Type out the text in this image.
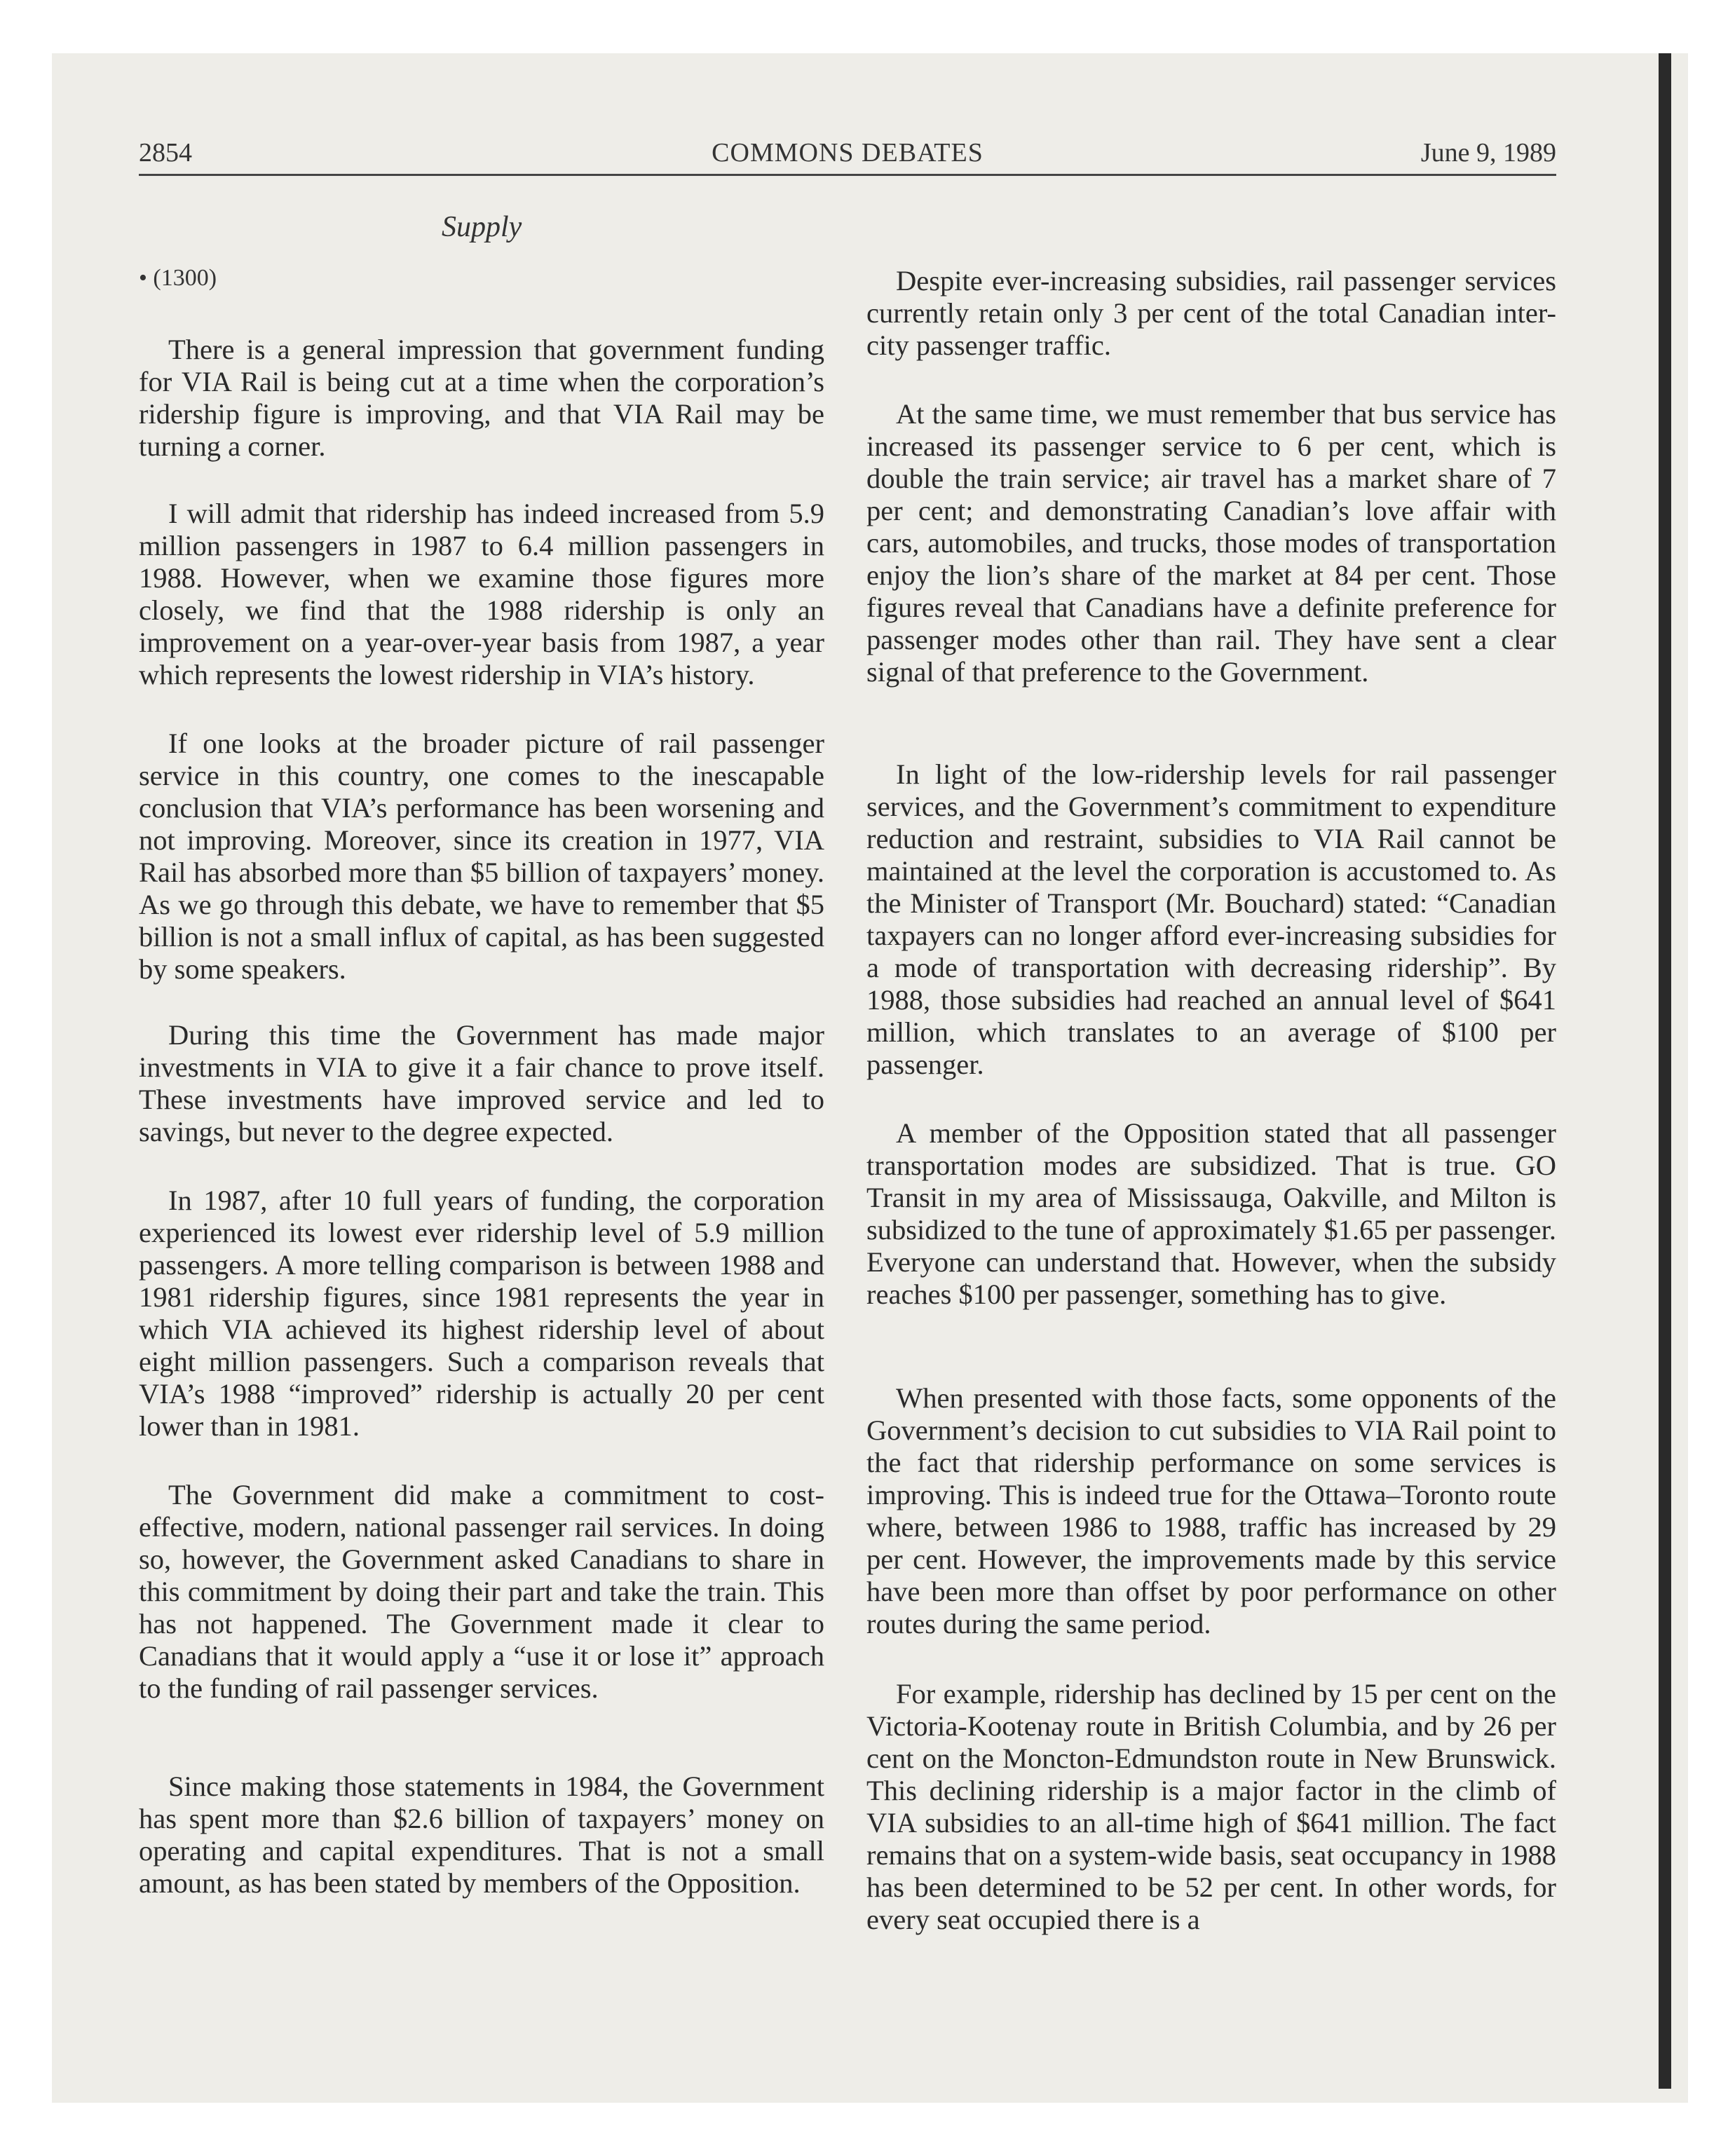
2854	COMMONS DEBATES	June 9, 1989
Supply
• (1300)

There is a general impression that government funding for VIA Rail is being cut at a time when the corporation’s ridership figure is improving, and that VIA Rail may be turning a corner.

I will admit that ridership has indeed increased from 5.9 million passengers in 1987 to 6.4 million passengers in 1988. However, when we examine those figures more closely, we find that the 1988 ridership is only an improvement on a year-over-year basis from 1987, a year which represents the lowest ridership in VIA’s history.

If one looks at the broader picture of rail passenger service in this country, one comes to the inescapable conclusion that VIA’s performance has been worsening and not improving. Moreover, since its creation in 1977, VIA Rail has absorbed more than $5 billion of taxpayers’ money. As we go through this debate, we have to remember that $5 billion is not a small influx of capital, as has been suggested by some speakers.

During this time the Government has made major investments in VIA to give it a fair chance to prove itself. These investments have improved service and led to savings, but never to the degree expected.

In 1987, after 10 full years of funding, the corporation experienced its lowest ever ridership level of 5.9 million passengers. A more telling comparison is between 1988 and 1981 ridership figures, since 1981 represents the year in which VIA achieved its highest ridership level of about eight million passengers. Such a comparison reveals that VIA’s 1988 “improved” ridership is actually 20 per cent lower than in 1981.

The Government did make a commitment to cost-effective, modern, national passenger rail services. In doing so, however, the Government asked Canadians to share in this commitment by doing their part and take the train. This has not happened. The Government made it clear to Canadians that it would apply a “use it or lose it” approach to the funding of rail passenger services.

Since making those statements in 1984, the Government has spent more than $2.6 billion of taxpayers’ money on operating and capital expenditures. That is not a small amount, as has been stated by members of the Opposition.

Despite ever-increasing subsidies, rail passenger services currently retain only 3 per cent of the total Canadian inter-city passenger traffic.

At the same time, we must remember that bus service has increased its passenger service to 6 per cent, which is double the train service; air travel has a market share of 7 per cent; and demonstrating Canadian’s love affair with cars, automobiles, and trucks, those modes of transportation enjoy the lion’s share of the market at 84 per cent. Those figures reveal that Canadians have a definite preference for passenger modes other than rail. They have sent a clear signal of that preference to the Government.

In light of the low-ridership levels for rail passenger services, and the Government’s commitment to expenditure reduction and restraint, subsidies to VIA Rail cannot be maintained at the level the corporation is accustomed to. As the Minister of Transport (Mr. Bouchard) stated: “Canadian taxpayers can no longer afford ever-increasing subsidies for a mode of transportation with decreasing ridership”. By 1988, those subsidies had reached an annual level of $641 million, which translates to an average of $100 per passenger.

A member of the Opposition stated that all passenger transportation modes are subsidized. That is true. GO Transit in my area of Mississauga, Oakville, and Milton is subsidized to the tune of approximately $1.65 per passenger. Everyone can understand that. However, when the subsidy reaches $100 per passenger, something has to give.

When presented with those facts, some opponents of the Government’s decision to cut subsidies to VIA Rail point to the fact that ridership performance on some services is improving. This is indeed true for the Ottawa–Toronto route where, between 1986 to 1988, traffic has increased by 29 per cent. However, the improvements made by this service have been more than offset by poor performance on other routes during the same period.

For example, ridership has declined by 15 per cent on the Victoria-Kootenay route in British Columbia, and by 26 per cent on the Moncton-Edmundston route in New Brunswick. This declining ridership is a major factor in the climb of VIA subsidies to an all-time high of $641 million. The fact remains that on a system-wide basis, seat occupancy in 1988 has been determined to be 52 per cent. In other words, for every seat occupied there is a
